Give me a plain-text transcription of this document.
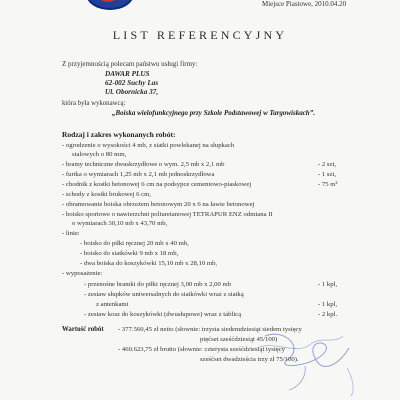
Miejsce Piastowe, 2010.04.20
LIST REFERENCYJNY
Z przyjemnością polecam państwu usługi firmy:
DAWAR PLUS
62-002 Suchy Las
Ul. Obornicka 37,
która była wykonawcą:
„Boiska wielofunkcyjnego przy Szkole Podstawowej w Targowiskach”.
Rodzaj i zakres wykonanych robót:
- ogrodzenie o wysokości 4 mb, z siatki powlekanej na słupkach
stalowych o 80 mm,
- bramy techniczne dwuskrzydłowe o wym. 2,5 mb x 2,1 mb
- furtka o wymiarach 1,25 mb x 2,1 mb jednoskrzydłowa
- chodnik z kostki betonowej 6 cm na podsypce cementowo-piaskowej
- schody z kostki brukowej 6 cm,
- obramowanie boiska obrzeżem betonowym 20 x 6 na ławie betonowej
- boisko sportowe o nawierzchni poliuretanowej TETRAPUR ENZ odmiana II
o wymiarach 30,10 mb x 43,70 mb,
- linie:
- boisko do piłki ręcznej 20 mb x 40 mb,
- boisko do siatkówki 9 mb x 18 mb,
- dwa boiska do koszykówki 15,10 mb x 28,10 mb,
- wyposażenie:
- przenośne bramki do piłki ręcznej 3,00 mb x 2,00 mb
- zestaw słupków uniwersalnych do siatkówki wraz z siatką
z antenkami
- zestaw kosz do koszykówki (dwusłupowe) wraz z tablicą
- 2 szt,
- 1 szt,
- 75 m²
- 1 kpl,
- 1 kpl,
- 2 kpl.
Wartość robót - 377.560,45 zł netto (słownie: trzysta siedemdziesiąt siedem tysięcy
pięćset sześćdziesiąt 45/100)
- 460.623,75 zł brutto (słownie: czterysta sześćdziesiąt tysięcy
sześćset dwadzieścia trzy zł 75/100).
